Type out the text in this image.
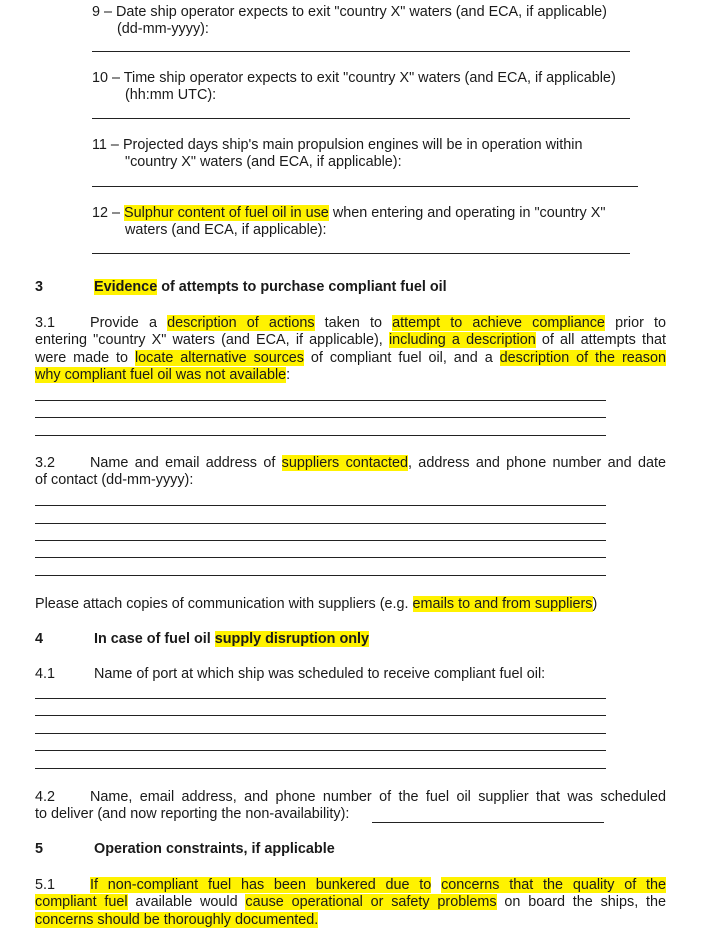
9 – Date ship operator expects to exit "country X" waters (and ECA, if applicable)
(dd-mm-yyyy):
10 – Time ship operator expects to exit "country X" waters (and ECA, if applicable)
(hh:mm UTC):
11 – Projected days ship's main propulsion engines will be in operation within
"country X" waters (and ECA, if applicable):
12 – Sulphur content of fuel oil in use when entering and operating in "country X"
waters (and ECA, if applicable):
3	Evidence of attempts to purchase compliant fuel oil
3.1 Provide a description of actions taken to attempt to achieve compliance prior to
entering "country X" waters (and ECA, if applicable), including a description of all attempts that
were made to locate alternative sources of compliant fuel oil, and a description of the reason
why compliant fuel oil was not available:
3.2 Name and email address of suppliers contacted, address and phone number and date
of contact (dd-mm-yyyy):
Please attach copies of communication with suppliers (e.g. emails to and from suppliers)
4	In case of fuel oil supply disruption only
4.1	Name of port at which ship was scheduled to receive compliant fuel oil:
4.2 Name, email address, and phone number of the fuel oil supplier that was scheduled
to deliver (and now reporting the non-availability):
5	Operation constraints, if applicable
5.1 If non-compliant fuel has been bunkered due to concerns that the quality of the
compliant fuel available would cause operational or safety problems on board the ships, the
concerns should be thoroughly documented.
